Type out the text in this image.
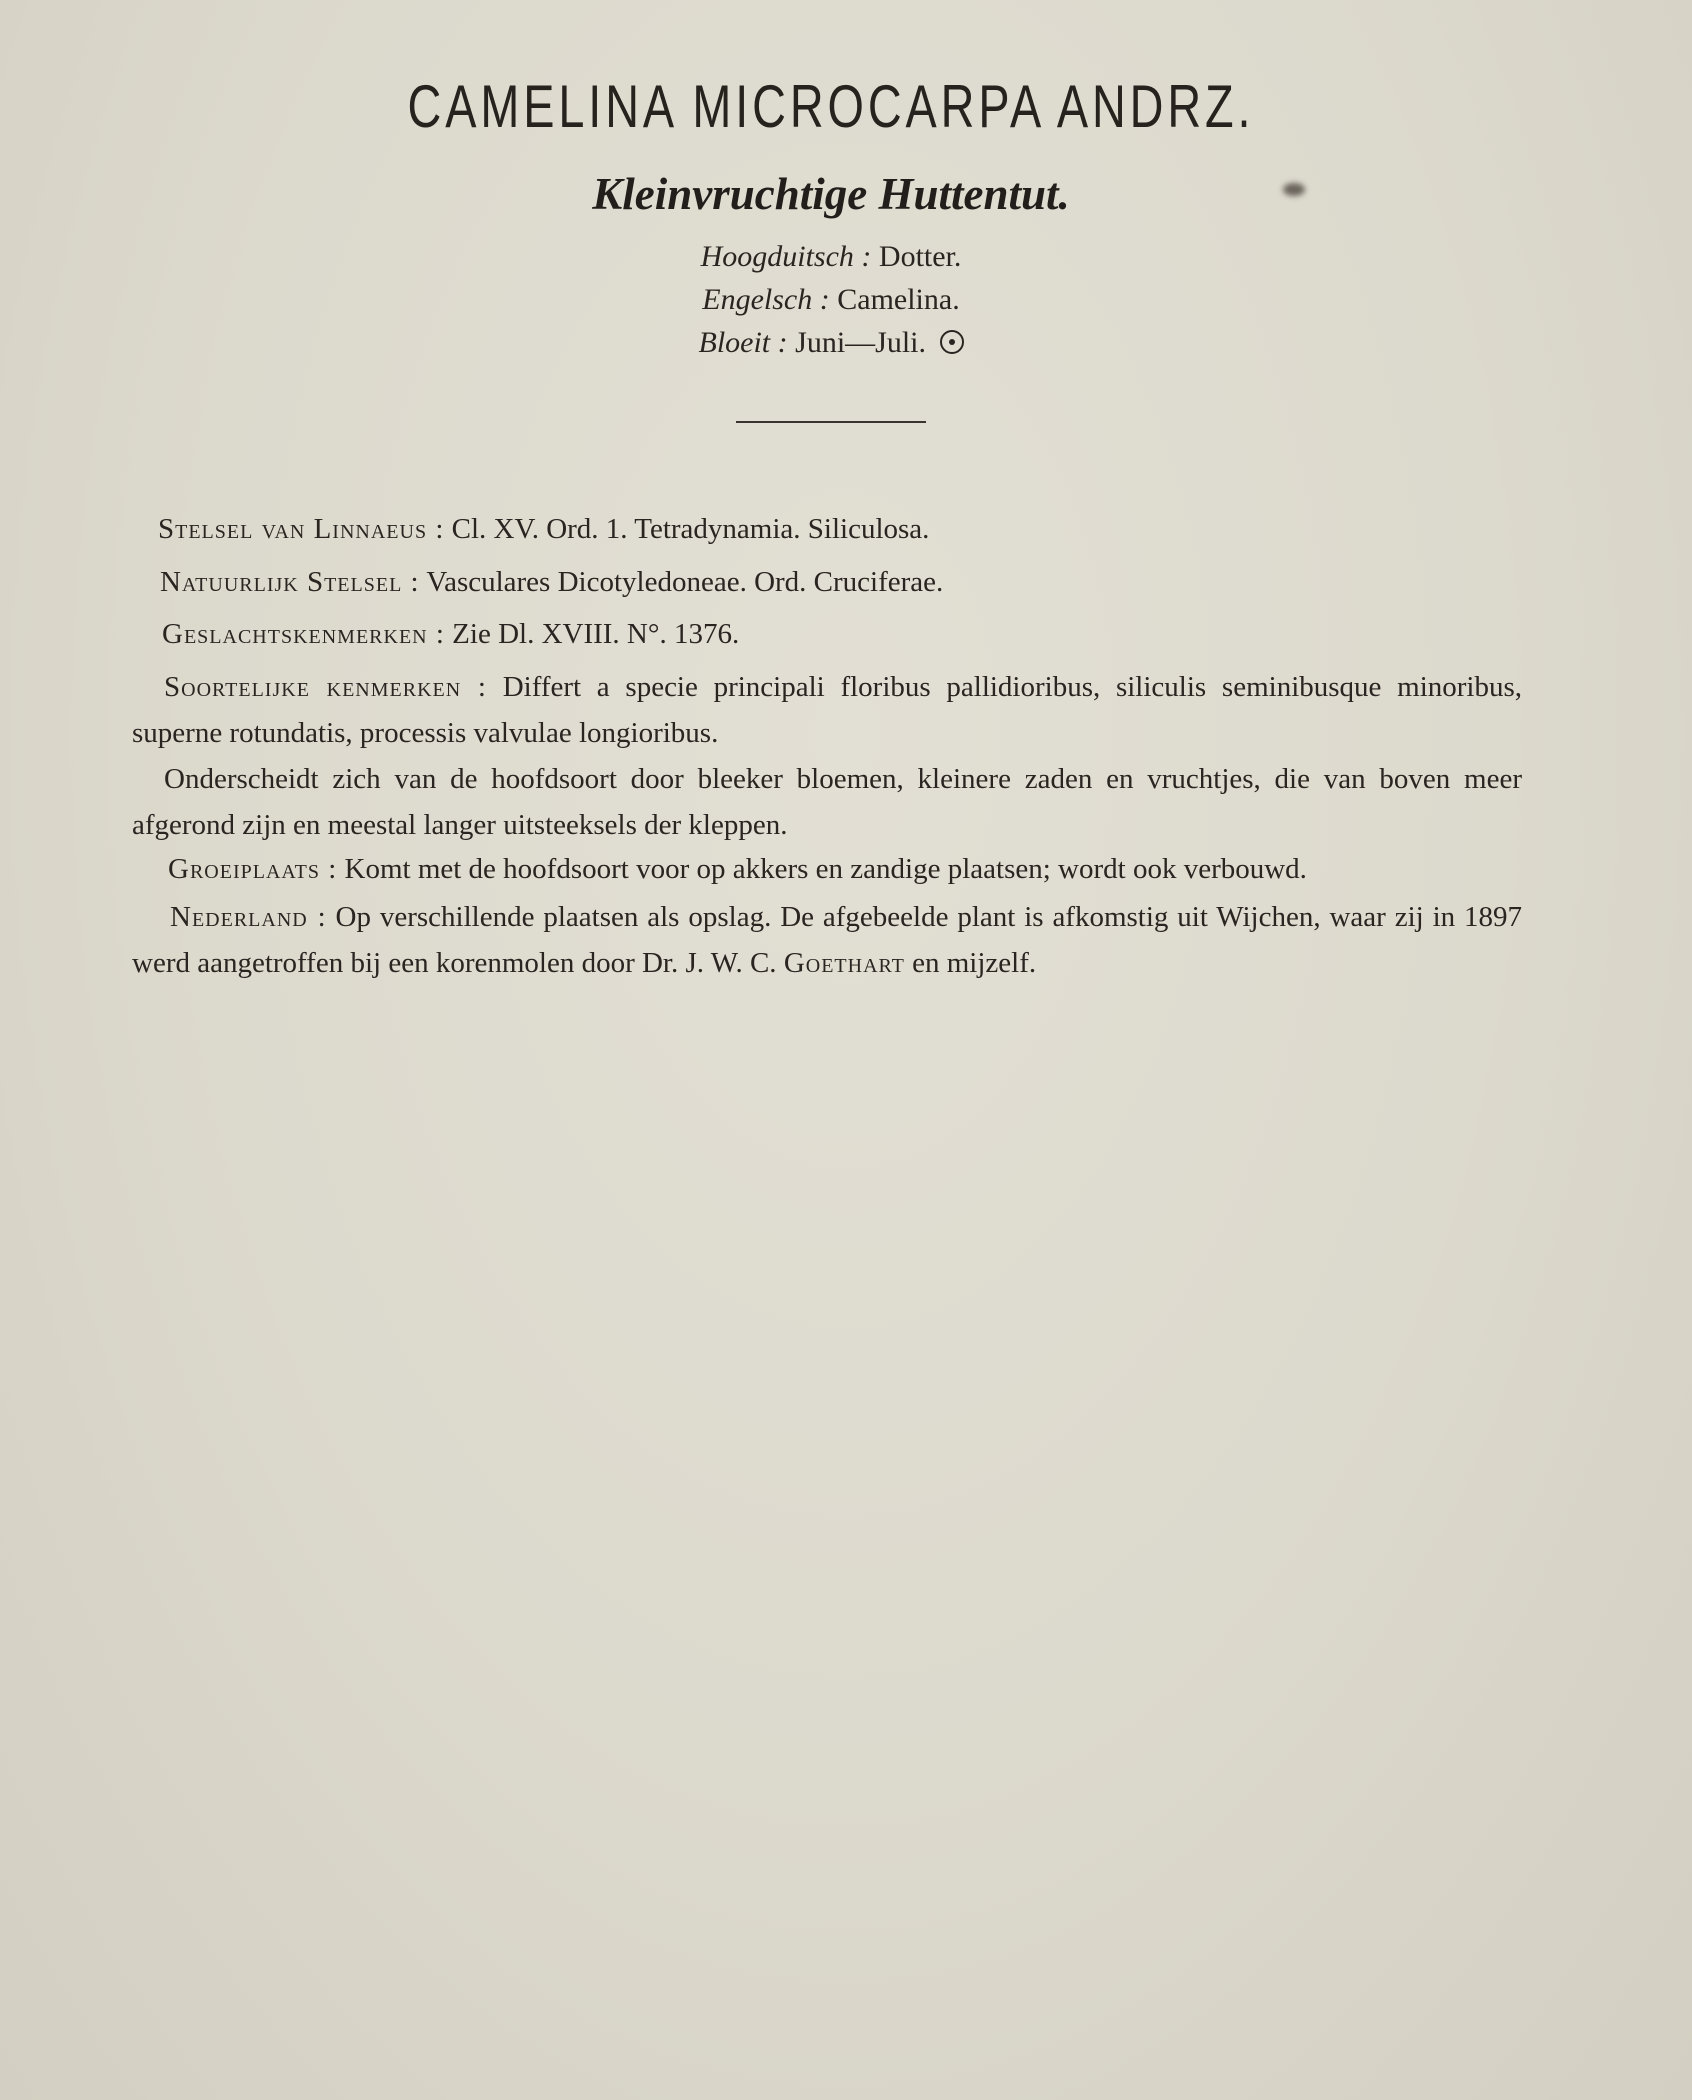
CAMELINA MICROCARPA ANDRZ.
Kleinvruchtige Huttentut.
Hoogduitsch : Dotter.
Engelsch : Camelina.
Bloeit : Juni—Juli.
Stelsel van Linnaeus : Cl. XV. Ord. 1. Tetradynamia. Siliculosa.
Natuurlijk Stelsel : Vasculares Dicotyledoneae. Ord. Cruciferae.
Geslachtskenmerken : Zie Dl. XVIII. N°. 1376.
Soortelijke kenmerken : Differt a specie principali floribus pallidioribus, siliculis seminibusque minoribus, superne rotundatis, processis valvulae longioribus.
Onderscheidt zich van de hoofdsoort door bleeker bloemen, kleinere zaden en vruchtjes, die van boven meer afgerond zijn en meestal langer uitsteeksels der kleppen.
Groeiplaats : Komt met de hoofdsoort voor op akkers en zandige plaatsen; wordt ook verbouwd.
Nederland : Op verschillende plaatsen als opslag. De afgebeelde plant is afkomstig uit Wijchen, waar zij in 1897 werd aangetroffen bij een korenmolen door Dr. J. W. C. Goethart en mijzelf.
